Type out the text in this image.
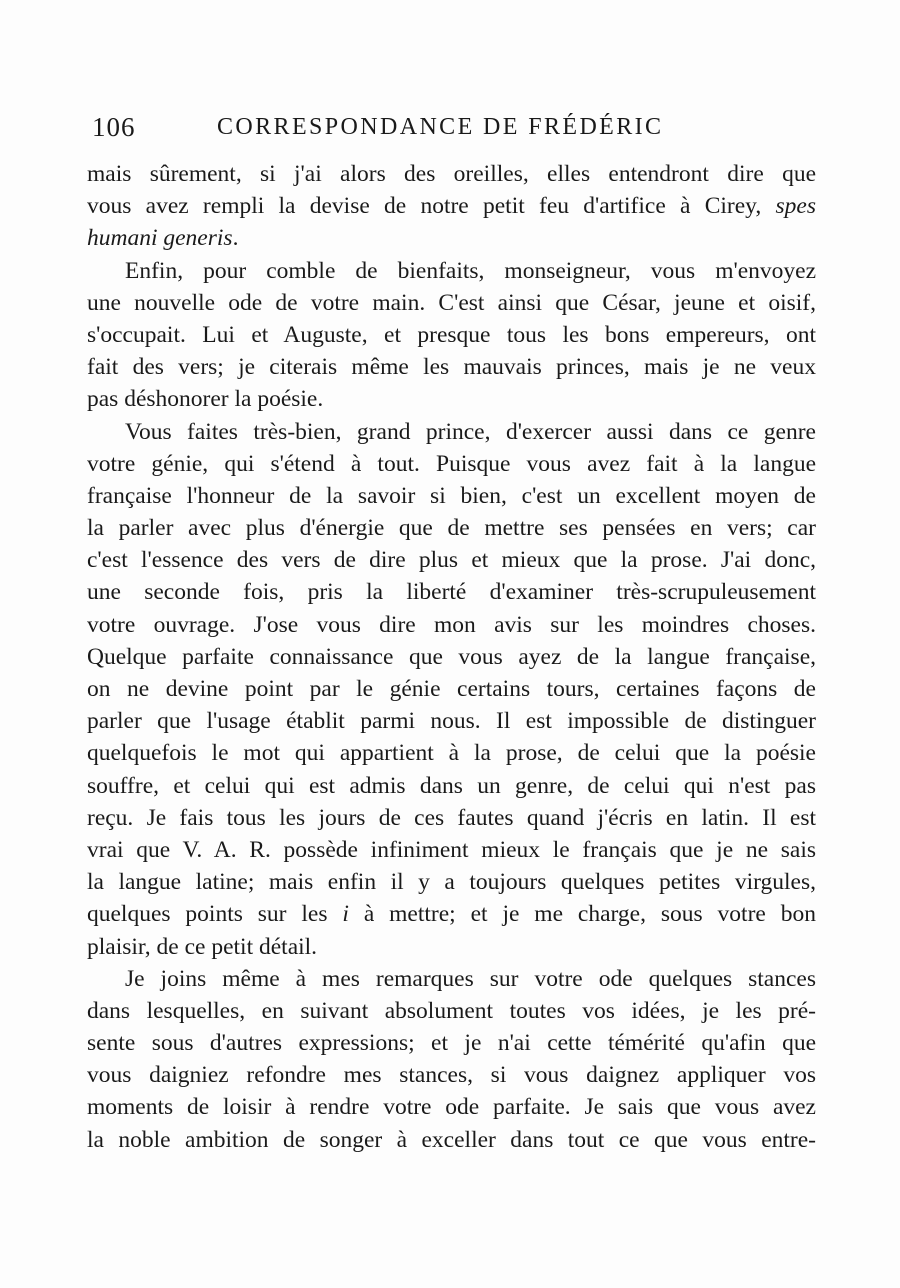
106	CORRESPONDANCE DE FRÉDÉRIC
mais sûrement, si j'ai alors des oreilles, elles entendront dire que
vous avez rempli la devise de notre petit feu d'artifice à Cirey, spes
humani generis.
Enfin, pour comble de bienfaits, monseigneur, vous m'envoyez
une nouvelle ode de votre main. C'est ainsi que César, jeune et oisif,
s'occupait. Lui et Auguste, et presque tous les bons empereurs, ont
fait des vers; je citerais même les mauvais princes, mais je ne veux
pas déshonorer la poésie.
Vous faites très-bien, grand prince, d'exercer aussi dans ce genre
votre génie, qui s'étend à tout. Puisque vous avez fait à la langue
française l'honneur de la savoir si bien, c'est un excellent moyen de
la parler avec plus d'énergie que de mettre ses pensées en vers; car
c'est l'essence des vers de dire plus et mieux que la prose. J'ai donc,
une seconde fois, pris la liberté d'examiner très-scrupuleusement
votre ouvrage. J'ose vous dire mon avis sur les moindres choses.
Quelque parfaite connaissance que vous ayez de la langue française,
on ne devine point par le génie certains tours, certaines façons de
parler que l'usage établit parmi nous. Il est impossible de distinguer
quelquefois le mot qui appartient à la prose, de celui que la poésie
souffre, et celui qui est admis dans un genre, de celui qui n'est pas
reçu. Je fais tous les jours de ces fautes quand j'écris en latin. Il est
vrai que V. A. R. possède infiniment mieux le français que je ne sais
la langue latine; mais enfin il y a toujours quelques petites virgules,
quelques points sur les i à mettre; et je me charge, sous votre bon
plaisir, de ce petit détail.
Je joins même à mes remarques sur votre ode quelques stances
dans lesquelles, en suivant absolument toutes vos idées, je les pré-
sente sous d'autres expressions; et je n'ai cette témérité qu'afin que
vous daigniez refondre mes stances, si vous daignez appliquer vos
moments de loisir à rendre votre ode parfaite. Je sais que vous avez
la noble ambition de songer à exceller dans tout ce que vous entre-
